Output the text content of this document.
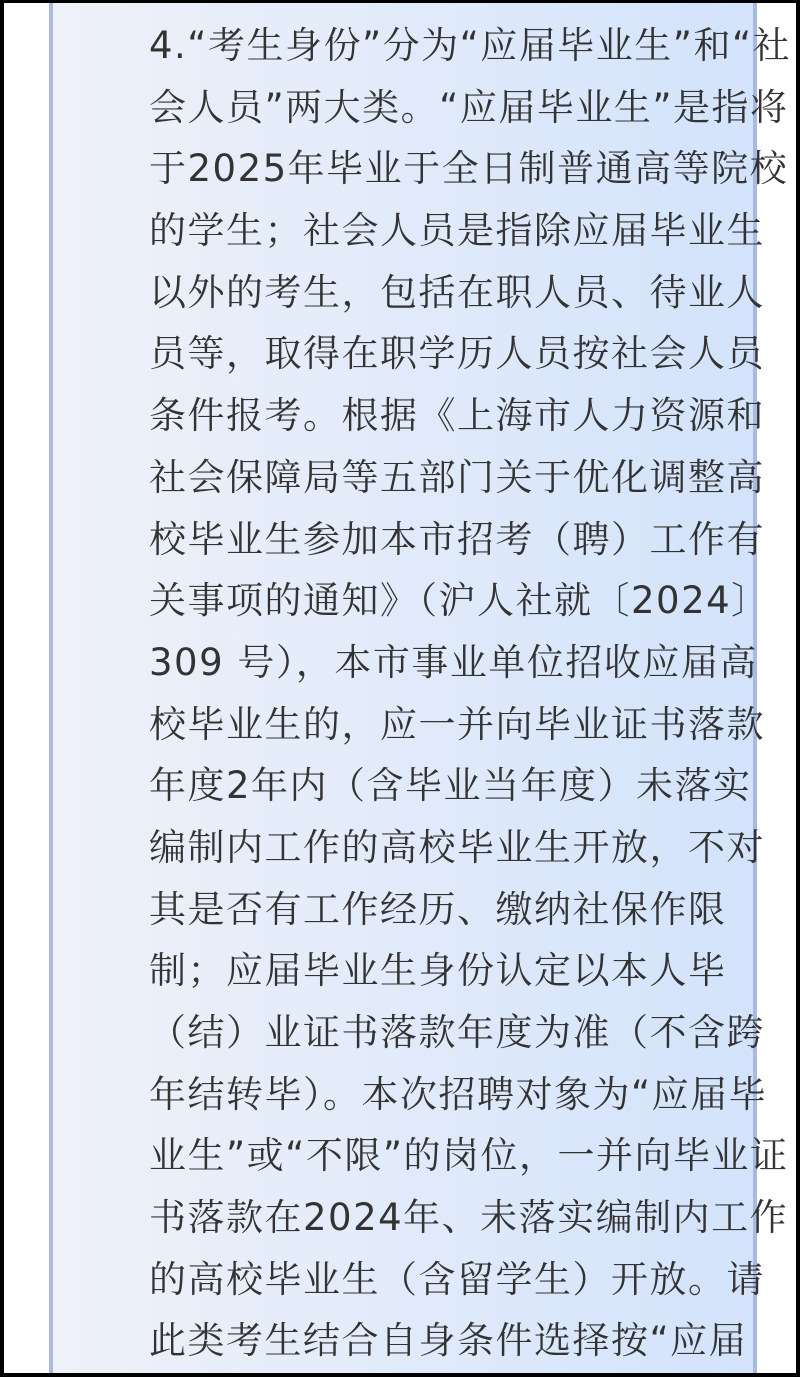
4.“考生身份”分为“应届毕业生”和“社
会人员”两大类。“应届毕业生”是指将
于2025年毕业于全日制普通高等院校
的学生；社会人员是指除应届毕业生
以外的考生，包括在职人员、待业人
员等，取得在职学历人员按社会人员
条件报考。根据《上海市人力资源和
社会保障局等五部门关于优化调整高
校毕业生参加本市招考（聘）工作有
关事项的通知》（沪人社就〔2024〕
309 号），本市事业单位招收应届高
校毕业生的，应一并向毕业证书落款
年度2年内（含毕业当年度）未落实
编制内工作的高校毕业生开放，不对
其是否有工作经历、缴纳社保作限
制；应届毕业生身份认定以本人毕
（结）业证书落款年度为准（不含跨
年结转毕）。本次招聘对象为“应届毕
业生”或“不限”的岗位，一并向毕业证
书落款在2024年、未落实编制内工作
的高校毕业生（含留学生）开放。请
此类考生结合自身条件选择按“应届
